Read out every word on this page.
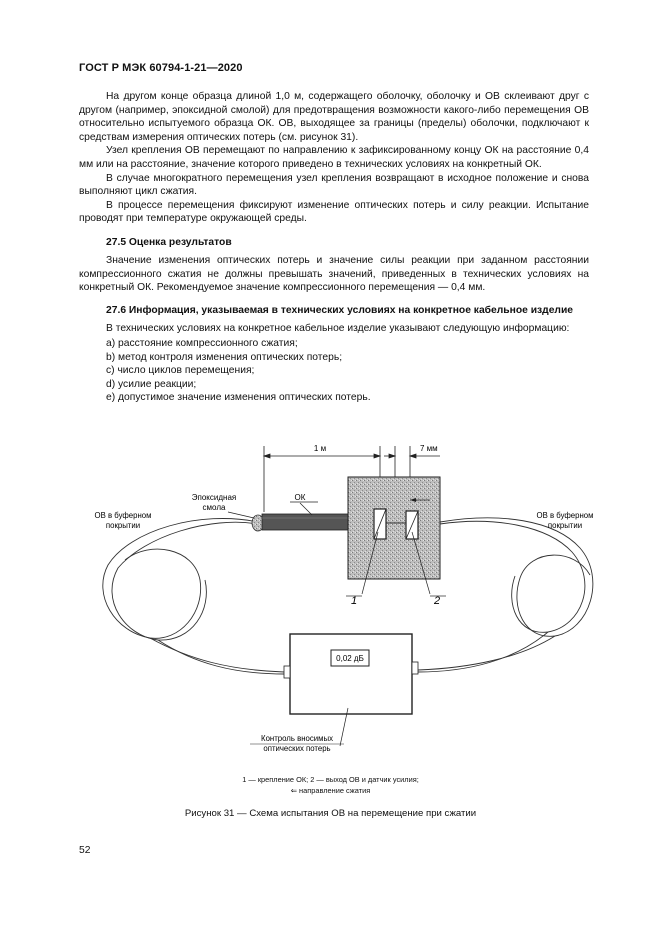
ГОСТ Р МЭК 60794-1-21—2020

На другом конце образца длиной 1,0 м, содержащего оболочку, оболочку и ОВ склеивают друг с другом (например, эпоксидной смолой) для предотвращения возможности какого-либо перемещения ОВ относительно испытуемого образца ОК. ОВ, выходящее за границы (пределы) оболочки, подключают к средствам измерения оптических потерь (см. рисунок 31).

Узел крепления ОВ перемещают по направлению к зафиксированному концу ОК на расстояние 0,4 мм или на расстояние, значение которого приведено в технических условиях на конкретный ОК.

В случае многократного перемещения узел крепления возвращают в исходное положение и снова выполняют цикл сжатия.

В процессе перемещения фиксируют изменение оптических потерь и силу реакции. Испытание проводят при температуре окружающей среды.

27.5 Оценка результатов

Значение изменения оптических потерь и значение силы реакции при заданном расстоянии компрессионного сжатия не должны превышать значений, приведенных в технических условиях на конкретный ОК. Рекомендуемое значение компрессионного перемещения — 0,4 мм.

27.6 Информация, указываемая в технических условиях на конкретное кабельное изделие
В технических условиях на конкретное кабельное изделие указывают следующую информацию:
a) расстояние компрессионного сжатия;
b) метод контроля изменения оптических потерь;
c) число циклов перемещения;
d) усилие реакции;
e) допустимое значение изменения оптических потерь.
1 м	7 мм
Эпоксидная
смола
ОК
ОВ в буферном
покрытии
ОВ в буферном
покрытии
1	2
0,02 дБ
Контроль вносимых
оптических потерь
1 — крепление ОК; 2 — выход ОВ и датчик усилия;
⇐ направление сжатия
Рисунок 31 — Схема испытания ОВ на перемещение при сжатии
52
